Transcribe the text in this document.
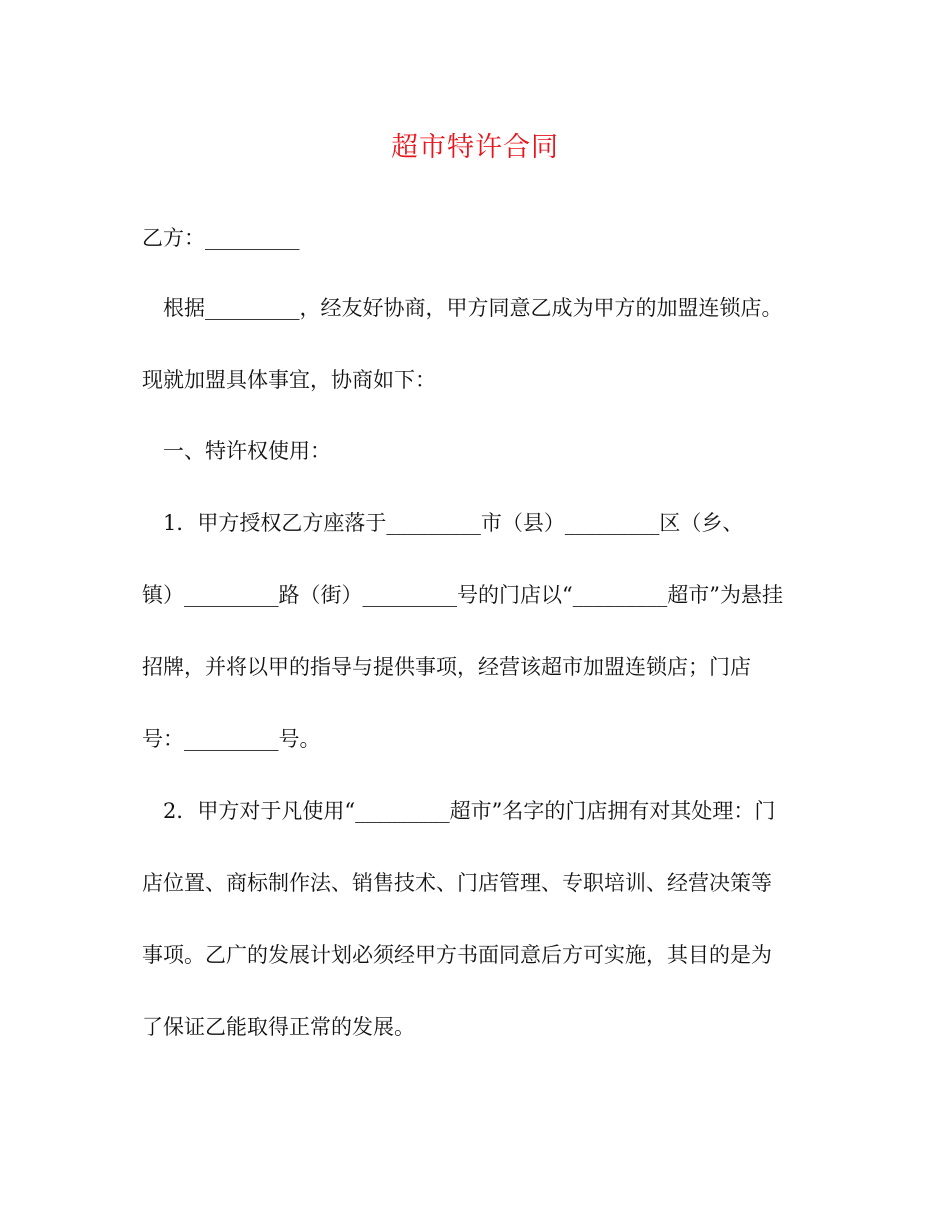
超市特许合同
乙方：_________
　根据_________，经友好协商，甲方同意乙成为甲方的加盟连锁店。
现就加盟具体事宜，协商如下：
　一、特许权使用：
　1．甲方授权乙方座落于_________市（县）_________区（乡、
镇）_________路（街）_________号的门店以“_________超市”为悬挂
招牌，并将以甲的指导与提供事项，经营该超市加盟连锁店；门店
号：_________号。
　2．甲方对于凡使用“_________超市”名字的门店拥有对其处理：门
店位置、商标制作法、销售技术、门店管理、专职培训、经营决策等
事项。乙广的发展计划必须经甲方书面同意后方可实施，其目的是为
了保证乙能取得正常的发展。
